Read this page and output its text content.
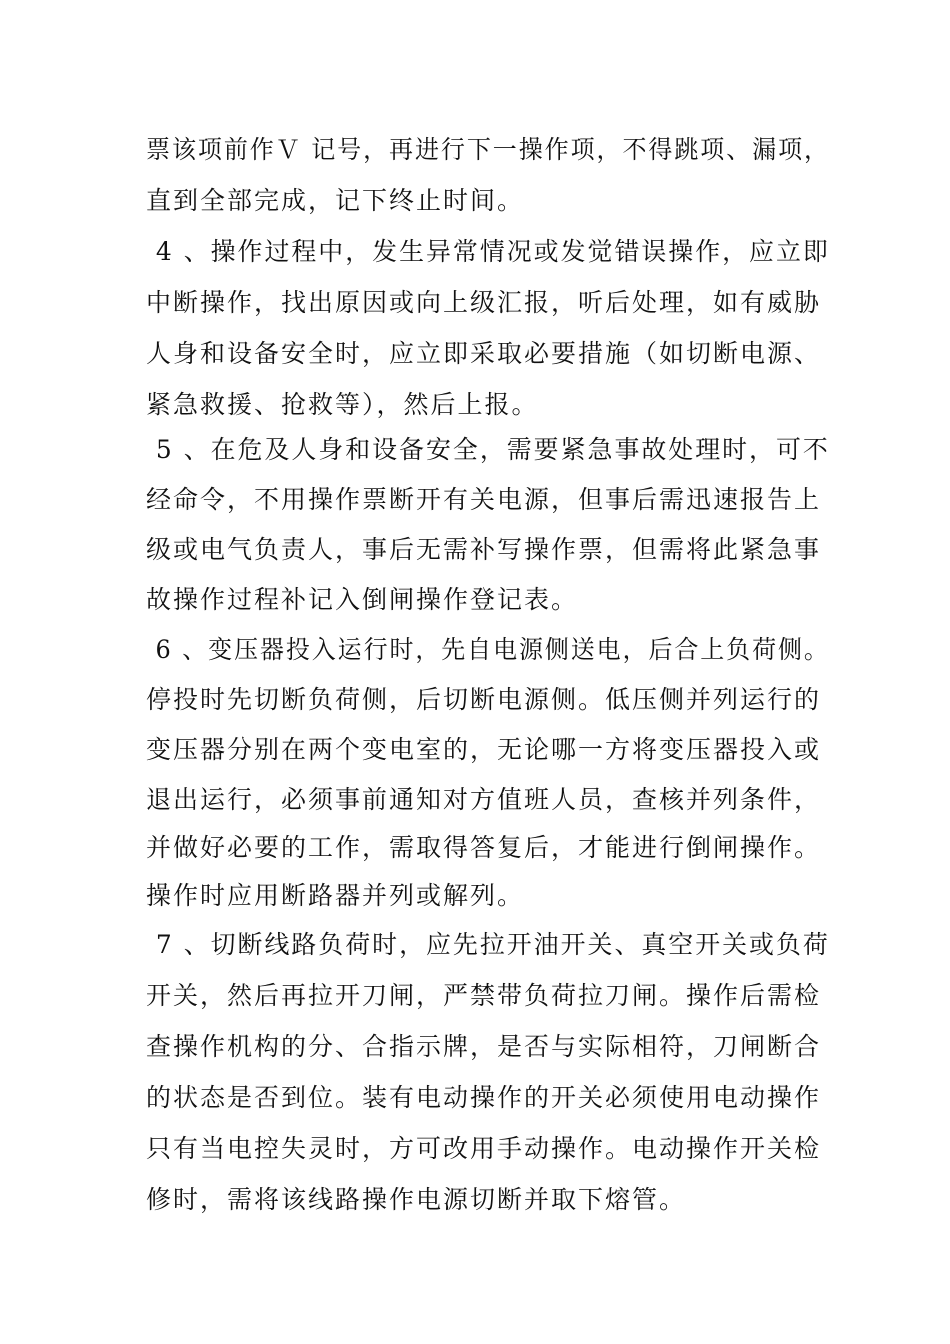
票该项前作Ｖ 记号，再进行下一操作项，不得跳项、漏项，
直到全部完成，记下终止时间。
4 、操作过程中，发生异常情况或发觉错误操作，应立即
中断操作，找出原因或向上级汇报，听后处理，如有威胁
人身和设备安全时，应立即采取必要措施（如切断电源、
紧急救援、抢救等），然后上报。
5 、在危及人身和设备安全，需要紧急事故处理时，可不
经命令，不用操作票断开有关电源，但事后需迅速报告上
级或电气负责人，事后无需补写操作票，但需将此紧急事
故操作过程补记入倒闸操作登记表。
6 、变压器投入运行时，先自电源侧送电，后合上负荷侧。
停投时先切断负荷侧，后切断电源侧。低压侧并列运行的
变压器分别在两个变电室的，无论哪一方将变压器投入或
退出运行，必须事前通知对方值班人员，查核并列条件，
并做好必要的工作，需取得答复后，才能进行倒闸操作。
操作时应用断路器并列或解列。
7 、切断线路负荷时，应先拉开油开关、真空开关或负荷
开关，然后再拉开刀闸，严禁带负荷拉刀闸。操作后需检
查操作机构的分、合指示牌，是否与实际相符，刀闸断合
的状态是否到位。装有电动操作的开关必须使用电动操作
只有当电控失灵时，方可改用手动操作。电动操作开关检
修时，需将该线路操作电源切断并取下熔管。
